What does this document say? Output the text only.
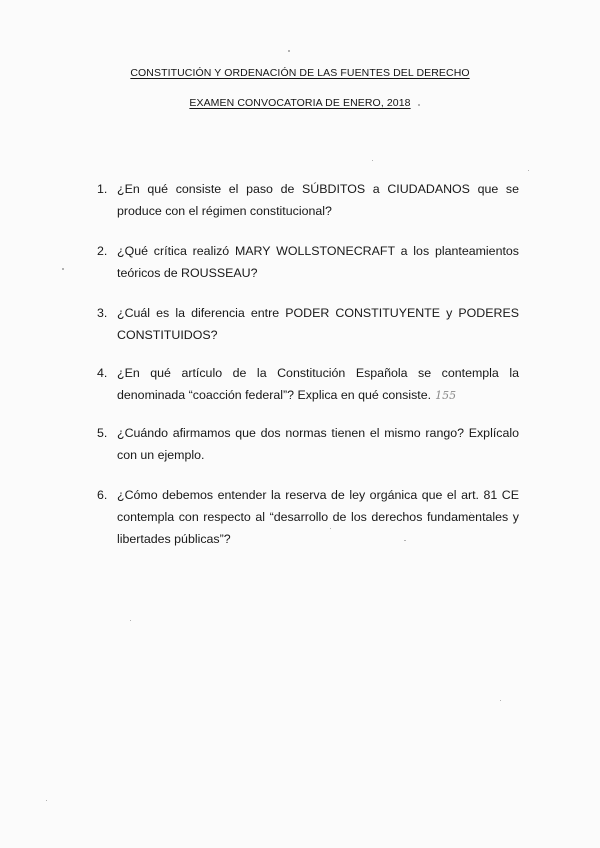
CONSTITUCIÓN Y ORDENACIÓN DE LAS FUENTES DEL DERECHO
EXAMEN CONVOCATORIA DE ENERO, 2018
1. ¿En qué consiste el paso de SÚBDITOS a CIUDADANOS que se produce con el régimen constitucional?
2. ¿Qué crítica realizó MARY WOLLSTONECRAFT a los planteamientos teóricos de ROUSSEAU?
3. ¿Cuál es la diferencia entre PODER CONSTITUYENTE y PODERES CONSTITUIDOS?
4. ¿En qué artículo de la Constitución Española se contempla la denominada “coacción federal”? Explica en qué consiste. 155
5. ¿Cuándo afirmamos que dos normas tienen el mismo rango? Explícalo con un ejemplo.
6. ¿Cómo debemos entender la reserva de ley orgánica que el art. 81 CE contempla con respecto al “desarrollo de los derechos fundamentales y libertades públicas”?
